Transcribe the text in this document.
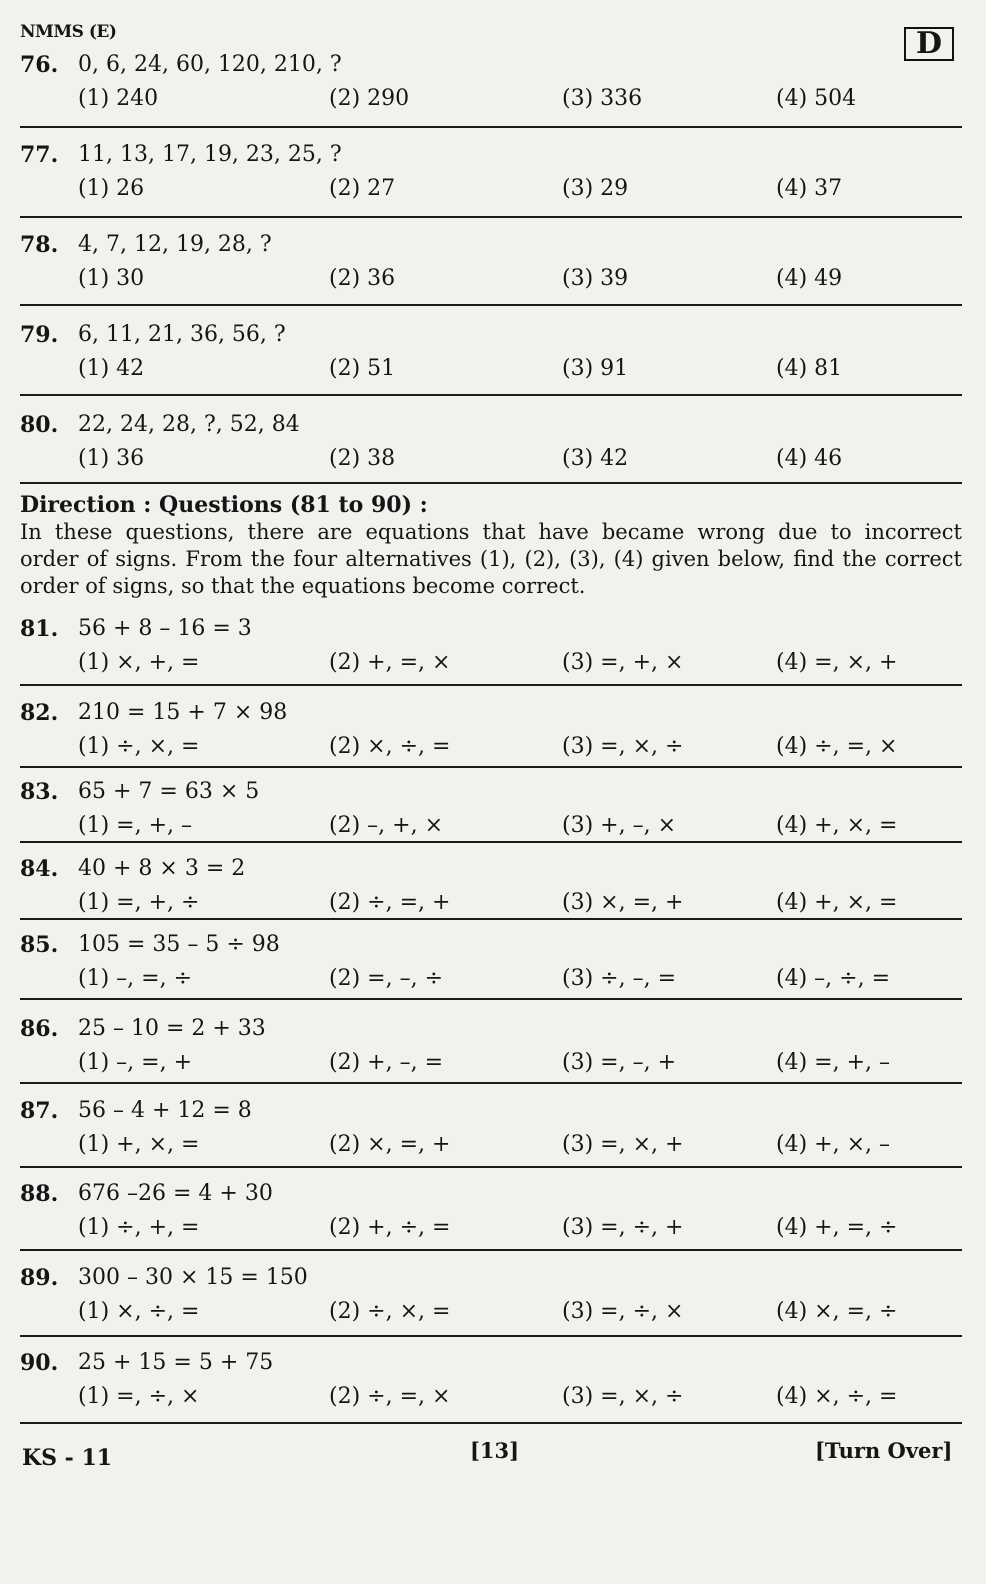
NMMS (E)	D
76. 0, 6, 24, 60, 120, 210, ?
(1) 240	(2) 290	(3) 336	(4) 504
77. 11, 13, 17, 19, 23, 25, ?
(1) 26	(2) 27	(3) 29	(4) 37
78. 4, 7, 12, 19, 28, ?
(1) 30	(2) 36	(3) 39	(4) 49
79. 6, 11, 21, 36, 56, ?
(1) 42	(2) 51	(3) 91	(4) 81
80. 22, 24, 28, ?, 52, 84
(1) 36	(2) 38	(3) 42	(4) 46
Direction : Questions (81 to 90) :
In these questions, there are equations that have became wrong due to incorrect
order of signs. From the four alternatives (1), (2), (3), (4) given below, find the correct
order of signs, so that the equations become correct.
81. 56 + 8 – 16 = 3
(1) ×, +, =	(2) +, =, ×	(3) =, +, ×	(4) =, ×, +
82. 210 = 15 + 7 × 98
(1) ÷, ×, =	(2) ×, ÷, =	(3) =, ×, ÷	(4) ÷, =, ×
83. 65 + 7 = 63 × 5
(1) =, +, –	(2) –, +, ×	(3) +, –, ×	(4) +, ×, =
84. 40 + 8 × 3 = 2
(1) =, +, ÷	(2) ÷, =, +	(3) ×, =, +	(4) +, ×, =
85. 105 = 35 – 5 ÷ 98
(1) –, =, ÷	(2) =, –, ÷	(3) ÷, –, =	(4) –, ÷, =
86. 25 – 10 = 2 + 33
(1) –, =, +	(2) +, –, =	(3) =, –, +	(4) =, +, –
87. 56 – 4 + 12 = 8
(1) +, ×, =	(2) ×, =, +	(3) =, ×, +	(4) +, ×, –
88. 676 –26 = 4 + 30
(1) ÷, +, =	(2) +, ÷, =	(3) =, ÷, +	(4) +, =, ÷
89. 300 – 30 × 15 = 150
(1) ×, ÷, =	(2) ÷, ×, =	(3) =, ÷, ×	(4) ×, =, ÷
90. 25 + 15 = 5 + 75
(1) =, ÷, ×	(2) ÷, =, ×	(3) =, ×, ÷	(4) ×, ÷, =
KS - 11	[13]	[Turn Over]
